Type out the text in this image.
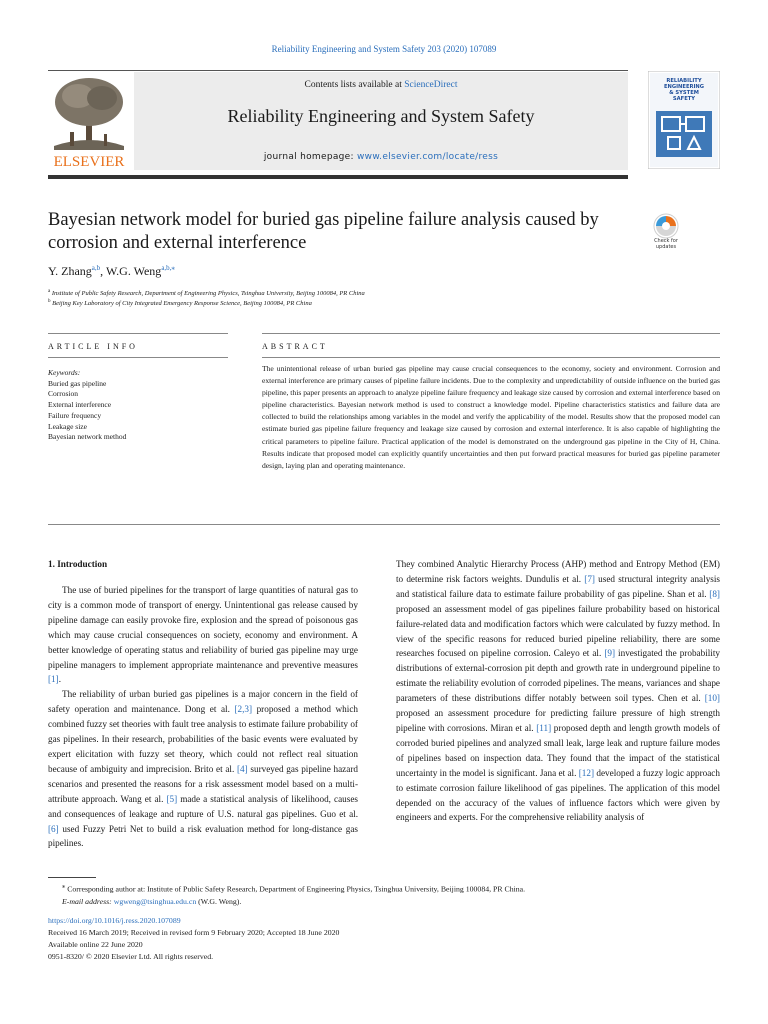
Reliability Engineering and System Safety 203 (2020) 107089
ELSEVIER
Contents lists available at ScienceDirect
Reliability Engineering and System Safety
journal homepage: www.elsevier.com/locate/ress
RELIABILITY
ENGINEERING
& SYSTEM
SAFETY
Bayesian network model for buried gas pipeline failure analysis caused by corrosion and external interference	Check for updates
Y. Zhang$^{a,b}$, W.G. Weng$^{a,b,⁎}$
$^a$ Institute of Public Safety Research, Department of Engineering Physics, Tsinghua University, Beijing 100084, PR China
$^b$ Beijing Key Laboratory of City Integrated Emergency Response Science, Beijing 100084, PR China
ARTICLE INFO	ABSTRACT
Keywords:
Buried gas pipeline
Corrosion
External interference
Failure frequency
Leakage size
Bayesian network method
The unintentional release of urban buried gas pipeline may cause crucial consequences to the economy, society and environment. Corrosion and external interference are primary causes of pipeline failure incidents. Due to the complexity and unpredictability of outside influence on the buried gas pipeline, this paper presents an approach to analyze pipeline failure frequency and leakage size caused by corrosion and external interference based on pipeline characteristics. Bayesian network method is used to construct a knowledge model. Pipeline characteristics statistics and failure data are collected to build the relationships among variables in the model and verify the applicability of the model. Results show that the proposed model can estimate buried gas pipeline failure frequency and leakage size caused by corrosion and external interference. It is also capable of highlighting the critical parameters to pipeline failure. Practical application of the model is demonstrated on the underground gas pipeline in the City of H, China. Results indicate that proposed model can explicitly quantify uncertainties and then put forward practical measures for buried gas pipeline parameter design, laying plan and operating maintenance.
1. Introduction

The use of buried pipelines for the transport of large quantities of natural gas to city is a common mode of transport of energy. Unintentional gas release caused by pipeline damage can easily provoke fire, explosion and the spread of poisonous gas which may cause crucial consequences on society, economy and environment. A better knowledge of operating status and reliability of buried gas pipeline may urge pipeline managers to implement appropriate maintenance and preventive measures [1].

The reliability of urban buried gas pipelines is a major concern in the field of safety operation and maintenance. Dong et al. [2,3] proposed a method which combined fuzzy set theories with fault tree analysis to estimate failure probability of gas pipelines. In their research, probabilities of the basic events were evaluated by expert elicitation with fuzzy set theory, which could not reflect real situation because of ambiguity and imprecision. Brito et al. [4] surveyed gas pipeline hazard scenarios and presented the reasons for a risk assessment model based on a multi-attribute approach. Wang et al. [5] made a statistical analysis of likelihood, causes and consequences of leakage and rupture of U.S. natural gas pipelines. Guo et al. [6] used Fuzzy Petri Net to build a risk evaluation method for long-distance gas pipelines.

They combined Analytic Hierarchy Process (AHP) method and Entropy Method (EM) to determine risk factors weights. Dundulis et al. [7] used structural integrity analysis and statistical failure data to estimate failure probability of gas pipeline. Shan et al. [8] proposed an assessment model of gas pipelines failure probability based on historical failure-related data and modification factors which were calculated by fuzzy method. In view of the specific reasons for reduced buried pipeline reliability, there are some researches focused on pipeline corrosion. Caleyo et al. [9] investigated the probability distributions of external-corrosion pit depth and growth rate in underground pipeline to estimate the reliability evolution of corroded pipelines. The means, variances and shape parameters of these distributions differ notably between soil types. Chen et al. [10] proposed an assessment procedure for predicting failure pressure of high strength pipeline with corrosions. Miran et al. [11] proposed depth and length growth models of corroded buried pipelines and analyzed small leak, large leak and rupture failure modes of pipelines based on inspection data. They found that the impact of the statistical uncertainty in the model is significant. Jana et al. [12] developed a fuzzy logic approach to estimate corrosion failure likelihood of gas pipelines. The application of this model depended on the accuracy of the values of influence factors which were given by engineers and experts. For the comprehensive reliability analysis of

⁎ Corresponding author at: Institute of Public Safety Research, Department of Engineering Physics, Tsinghua University, Beijing 100084, PR China.
E-mail address: wgweng@tsinghua.edu.cn (W.G. Weng).
https://doi.org/10.1016/j.ress.2020.107089
Received 16 March 2019; Received in revised form 9 February 2020; Accepted 18 June 2020
Available online 22 June 2020
0951-8320/ © 2020 Elsevier Ltd. All rights reserved.
